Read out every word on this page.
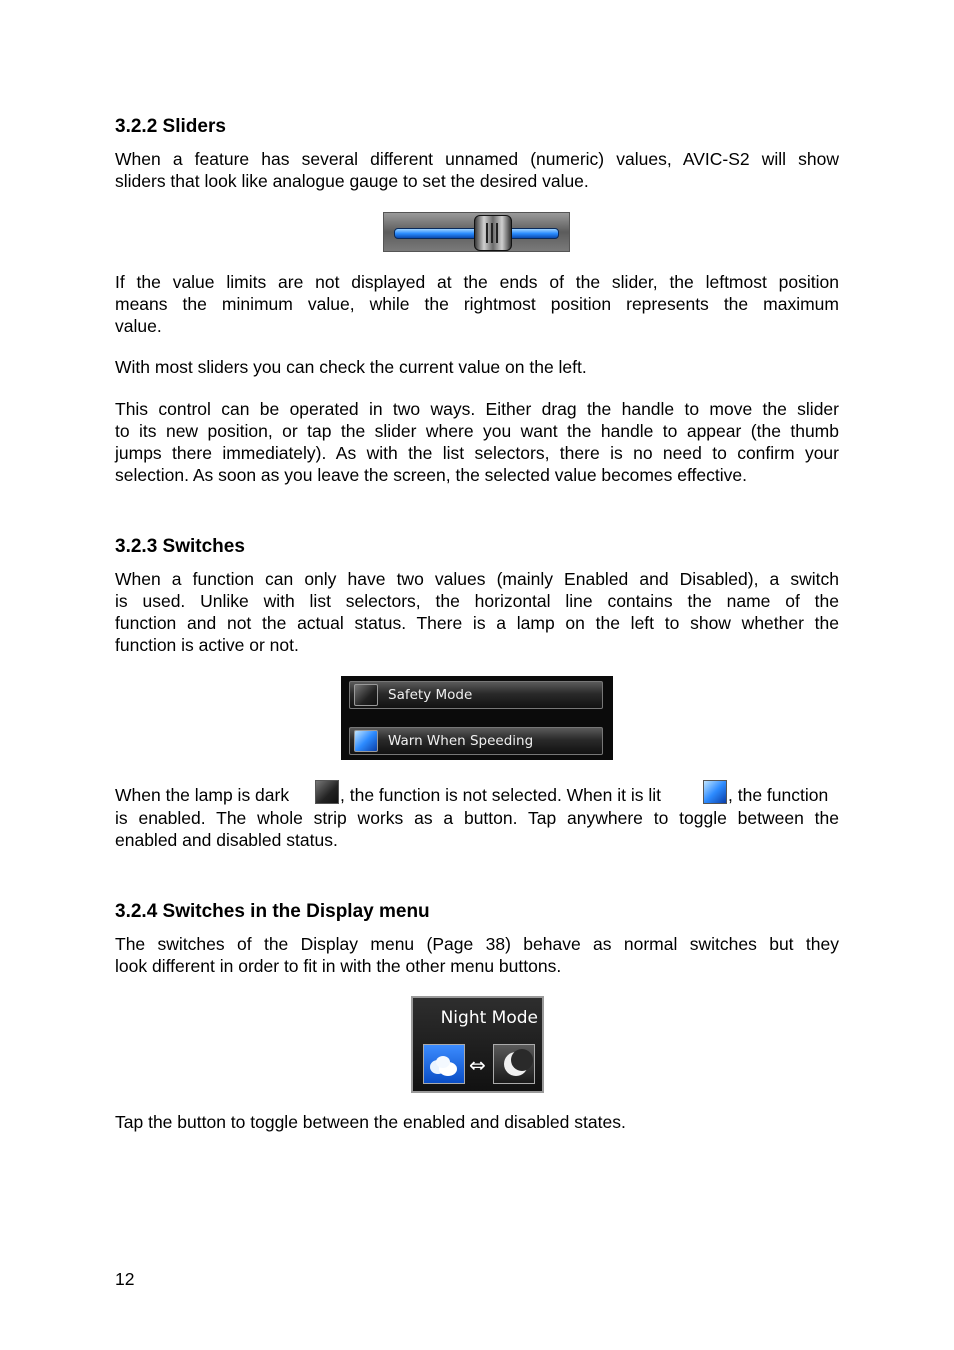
3.2.2 Sliders
When a feature has several different unnamed (numeric) values, AVIC-S2 will show
sliders that look like analogue gauge to set the desired value.
If the value limits are not displayed at the ends of the slider, the leftmost position
means the minimum value, while the rightmost position represents the maximum
value.
With most sliders you can check the current value on the left.
This control can be operated in two ways. Either drag the handle to move the slider
to its new position, or tap the slider where you want the handle to appear (the thumb
jumps there immediately). As with the list selectors, there is no need to confirm your
selection. As soon as you leave the screen, the selected value becomes effective.
3.2.3 Switches
When a function can only have two values (mainly Enabled and Disabled), a switch
is used. Unlike with list selectors, the horizontal line contains the name of the
function and not the actual status. There is a lamp on the left to show whether the
function is active or not.
Safety Mode
Warn When Speeding
When the lamp is dark	, the function is not selected. When it is lit	, the function
is enabled. The whole strip works as a button. Tap anywhere to toggle between the
enabled and disabled status.
3.2.4 Switches in the Display menu
The switches of the Display menu (Page 38) behave as normal switches but they
look different in order to fit in with the other menu buttons.
Night Mode
⇔
Tap the button to toggle between the enabled and disabled states.
12
